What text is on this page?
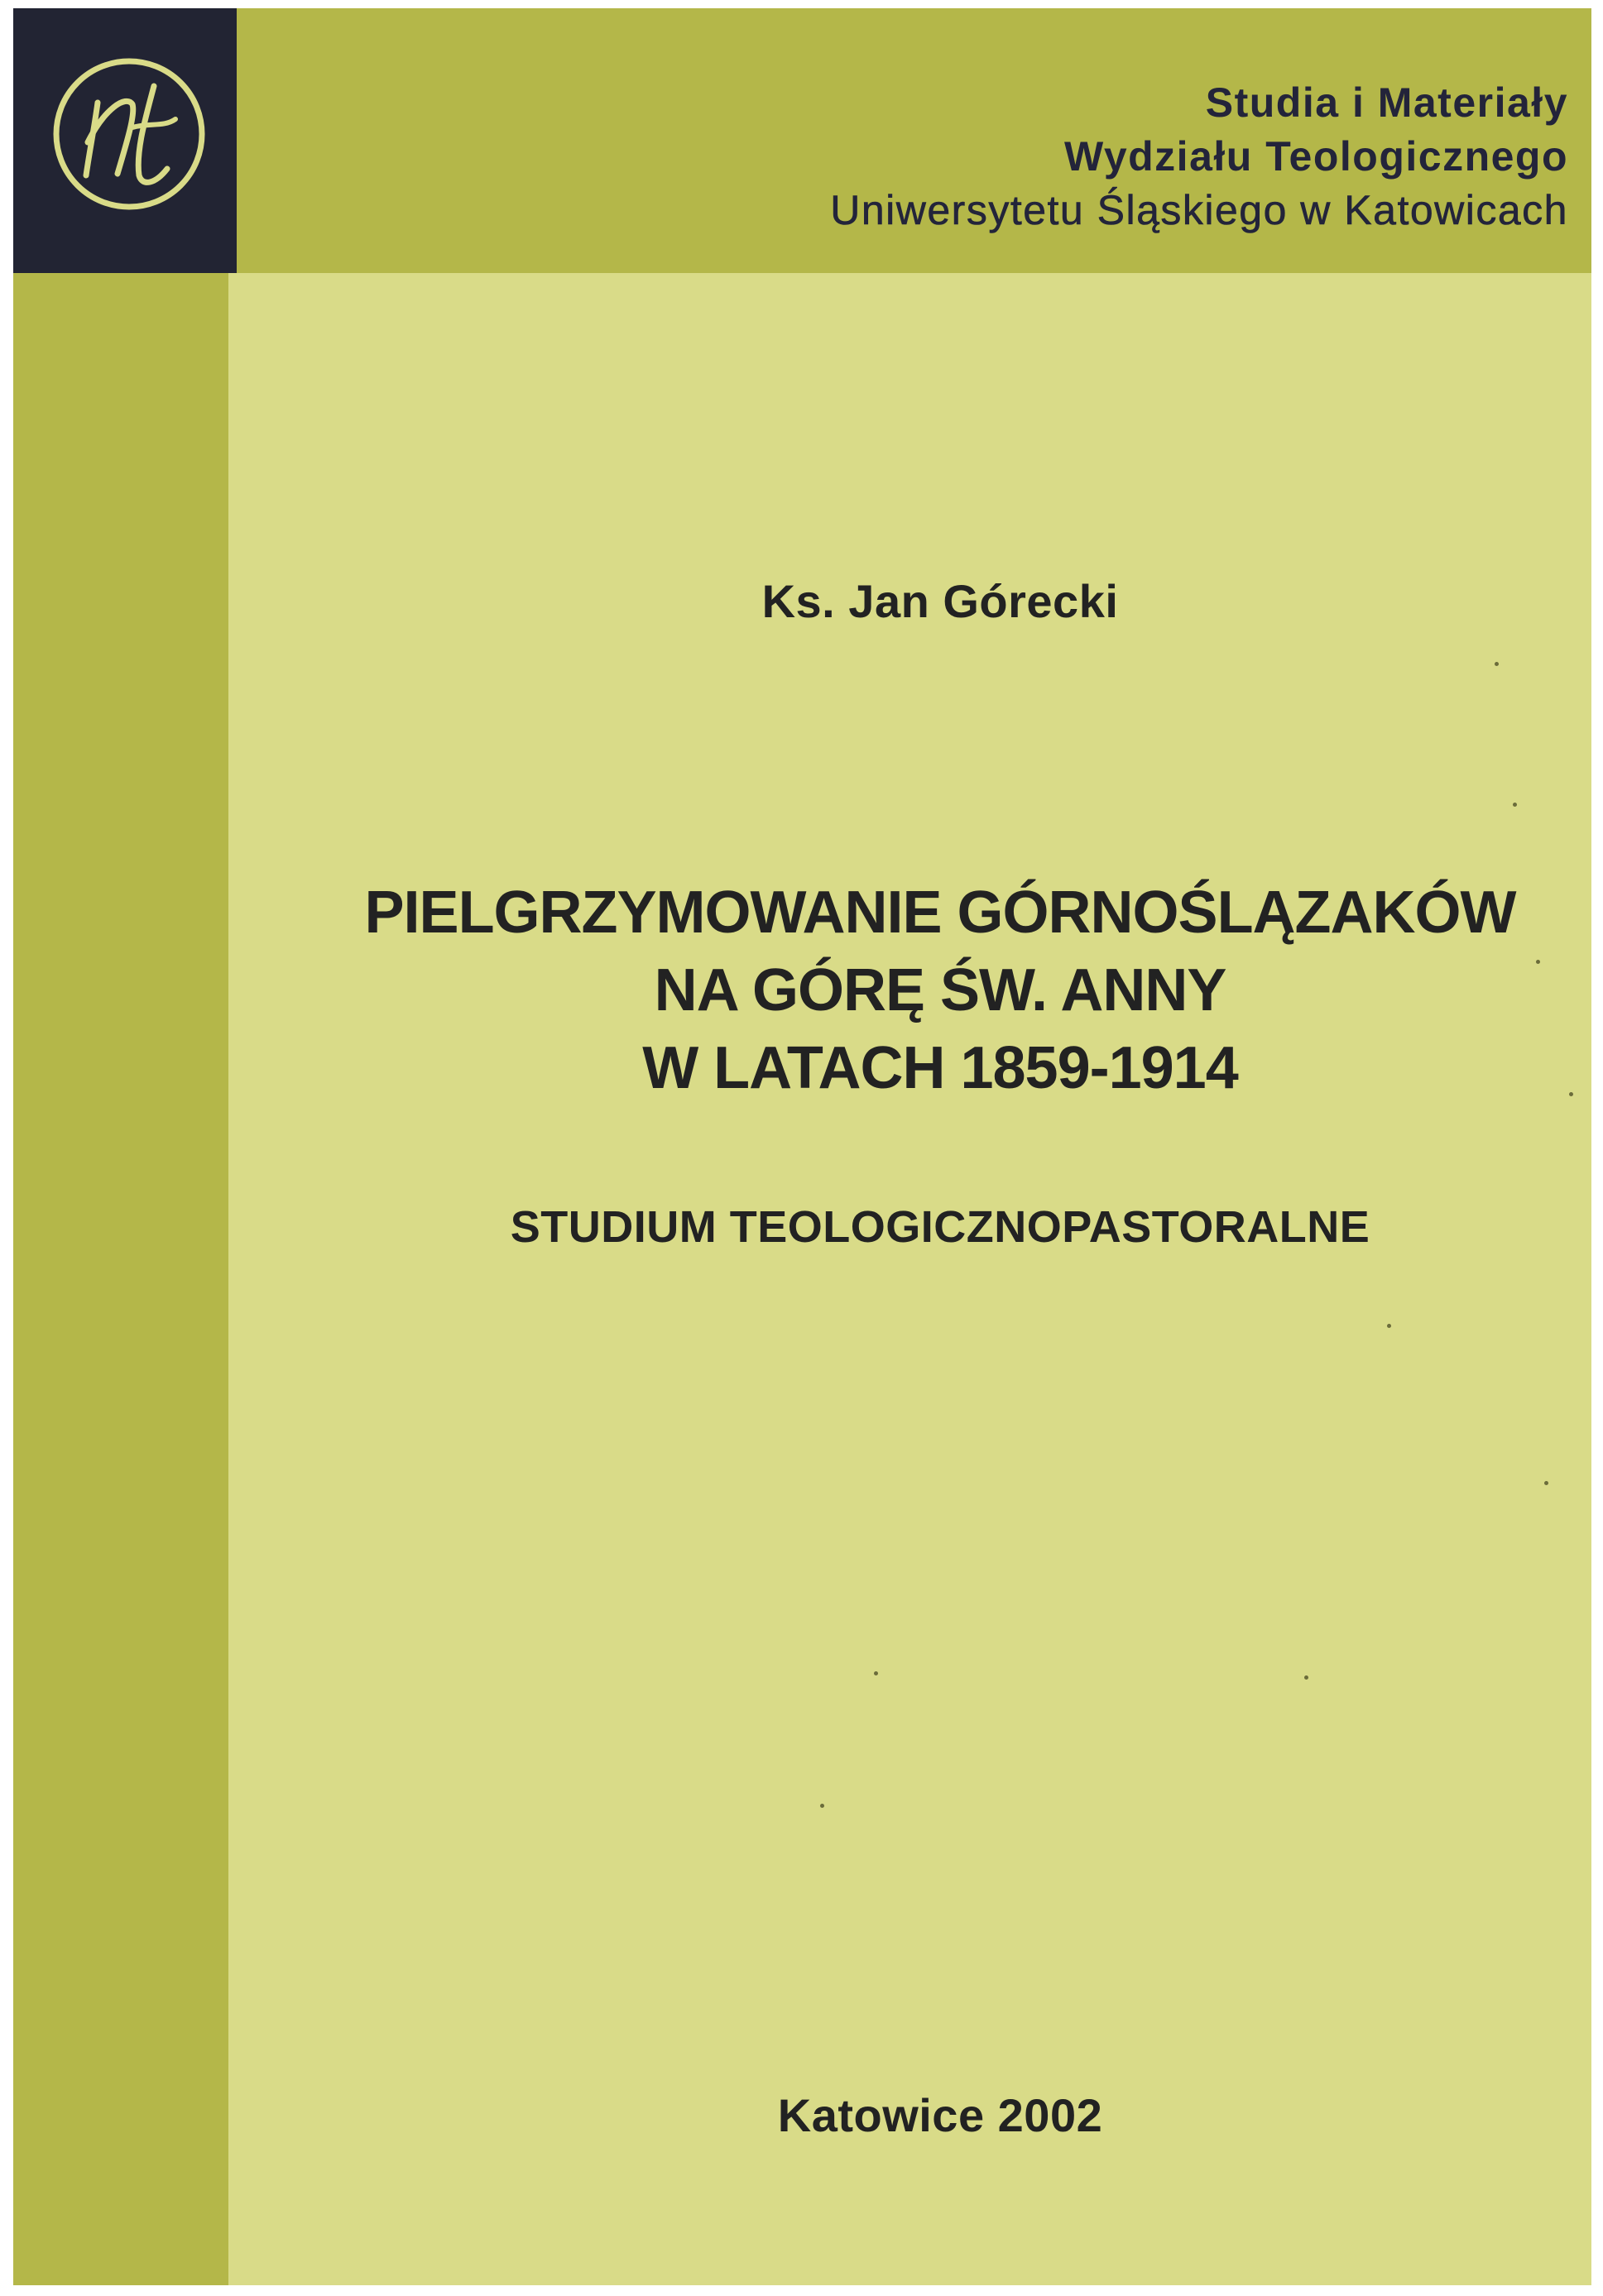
Studia i Materiały
Wydziału Teologicznego
Uniwersytetu Śląskiego w Katowicach
Ks. Jan Górecki
PIELGRZYMOWANIE GÓRNOŚLĄZAKÓW
NA GÓRĘ ŚW. ANNY
W LATACH 1859-1914
STUDIUM TEOLOGICZNOPASTORALNE
Katowice 2002
